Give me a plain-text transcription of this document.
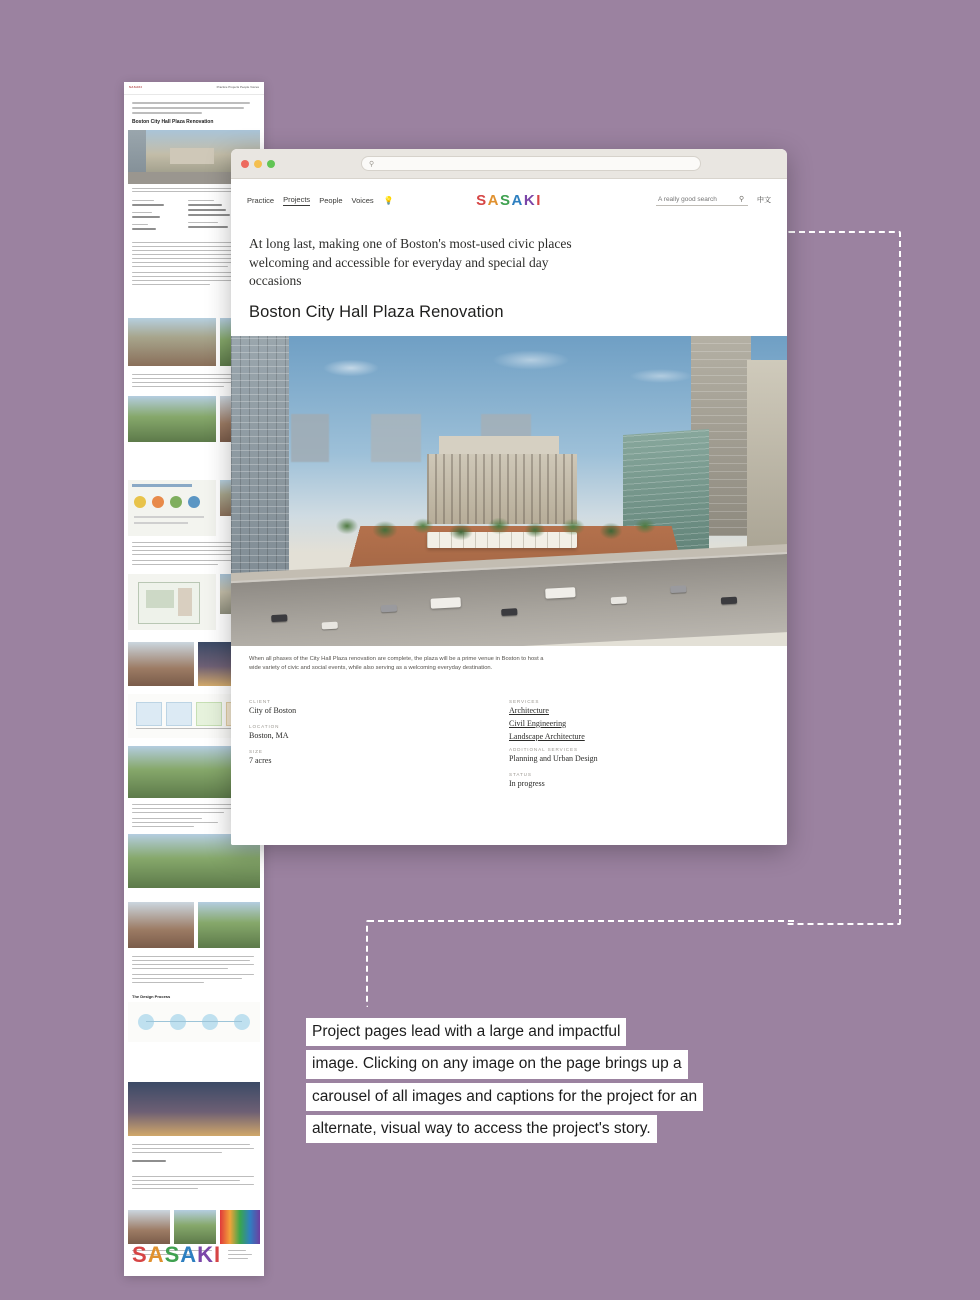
SASAKI	Practice Projects People Voices
Boston City Hall Plaza Renovation
The Design Process
SASAKI
⚲
Practice Projects People Voices 💡	SASAKI
A really good search	⚲ 中文
At long last, making one of Boston's most-used civic places welcoming and accessible for everyday and special day occasions
Boston City Hall Plaza Renovation
When all phases of the City Hall Plaza renovation are complete, the plaza will be a prime venue in Boston to host a wide variety of civic and social events, while also serving as a welcoming everyday destination.
CLIENT
City of Boston
LOCATION
Boston, MA
SIZE
7 acres
SERVICES
Architecture
Civil Engineering
Landscape Architecture
ADDITIONAL SERVICES
Planning and Urban Design
STATUS
In progress
Project pages lead with a large and impactful
image. Clicking on any image on the page brings up a
carousel of all images and captions for the project for an
alternate, visual way to access the project's story.
